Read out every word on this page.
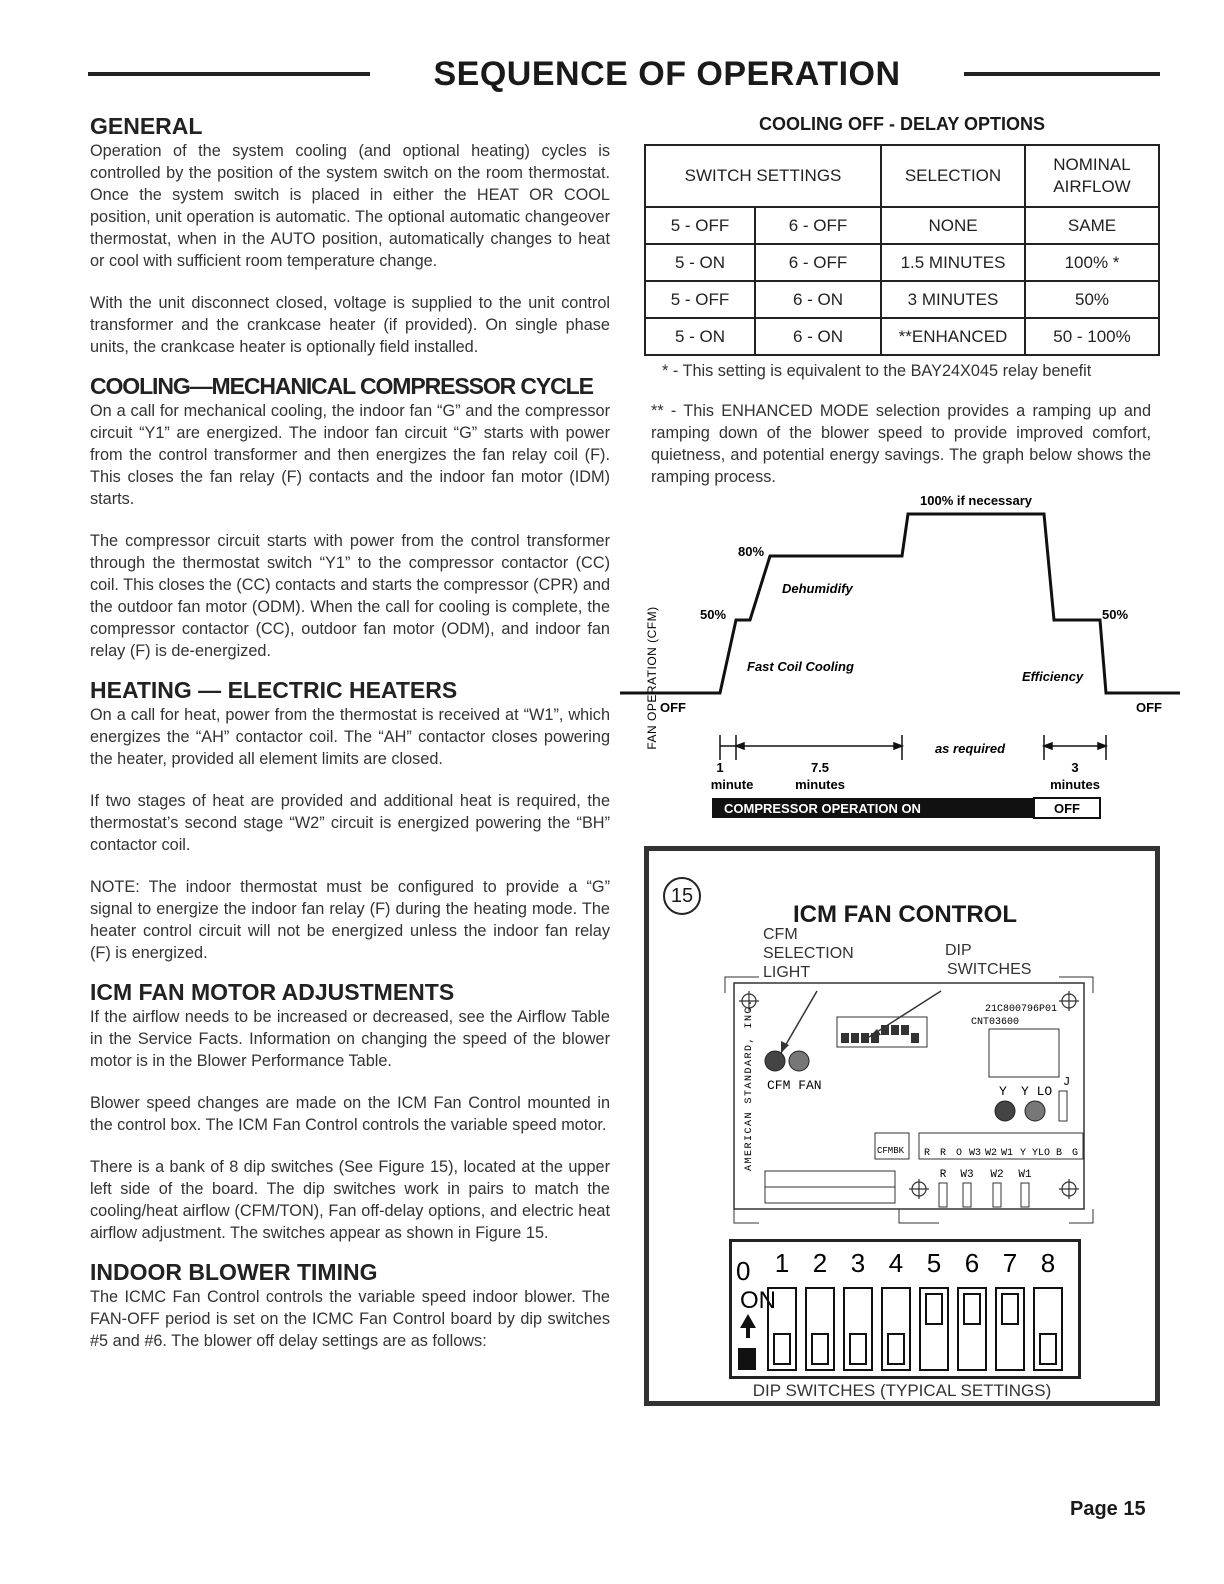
SEQUENCE OF OPERATION
GENERAL

Operation of the system cooling (and optional heating) cycles is controlled by the position of the system switch on the room thermostat. Once the system switch is placed in either the HEAT OR COOL position, unit operation is automatic. The optional automatic changeover thermostat, when in the AUTO position, automatically changes to heat or cool with sufficient room temperature change.

With the unit disconnect closed, voltage is supplied to the unit control transformer and the crankcase heater (if provided). On single phase units, the crankcase heater is optionally field installed.

COOLING—MECHANICAL COMPRESSOR CYCLE

On a call for mechanical cooling, the indoor fan “G” and the compressor circuit “Y1” are energized. The indoor fan circuit “G” starts with power from the control transformer and then energizes the fan relay coil (F). This closes the fan relay (F) contacts and the indoor fan motor (IDM) starts.

The compressor circuit starts with power from the control transformer through the thermostat switch “Y1” to the compressor contactor (CC) coil. This closes the (CC) contacts and starts the compressor (CPR) and the outdoor fan motor (ODM). When the call for cooling is complete, the compressor contactor (CC), outdoor fan motor (ODM), and indoor fan relay (F) is de-energized.

HEATING — ELECTRIC HEATERS

On a call for heat, power from the thermostat is received at “W1”, which energizes the “AH” contactor coil. The “AH” contactor closes powering the heater, provided all element limits are closed.

If two stages of heat are provided and additional heat is required, the thermostat’s second stage “W2” circuit is energized powering the “BH” contactor coil.

NOTE: The indoor thermostat must be configured to provide a “G” signal to energize the indoor fan relay (F) during the heating mode. The heater control circuit will not be energized unless the indoor fan relay (F) is energized.

ICM FAN MOTOR ADJUSTMENTS

If the airflow needs to be increased or decreased, see the Airflow Table in the Service Facts. Information on changing the speed of the blower motor is in the Blower Performance Table.

Blower speed changes are made on the ICM Fan Control mounted in the control box. The ICM Fan Control controls the variable speed motor.

There is a bank of 8 dip switches (See Figure 15), located at the upper left side of the board. The dip switches work in pairs to match the cooling/heat airflow (CFM/TON), Fan off-delay options, and electric heat airflow adjustment. The switches appear as shown in Figure 15.

INDOOR BLOWER TIMING

The ICMC Fan Control controls the variable speed indoor blower. The FAN-OFF period is set on the ICMC Fan Control board by dip switches #5 and #6. The blower off delay settings are as follows:

COOLING OFF - DELAY OPTIONS
SWITCH SETTINGS		SELECTION	NOMINAL AIRFLOW
5 - OFF	6 - OFF	NONE	SAME
5 - ON	6 - OFF	1.5 MINUTES	100% *
5 - OFF	6 - ON	3 MINUTES	50%
5 - ON	6 - ON	**ENHANCED	50 - 100%
* - This setting is equivalent to the BAY24X045 relay benefit
** - This ENHANCED MODE selection provides a ramping up and ramping down of the blower speed to provide improved comfort, quietness, and potential energy savings. The graph below shows the ramping process.
100% if necessary
FAN OPERATION (CFM)
80%
50%	50%
OFF	OFF
Dehumidify
Fast Coil Cooling
Efficiency
1
minute
7.5
minutes
as required
3
minutes
COMPRESSOR OPERATION ON	OFF
15
ICM FAN CONTROL
CFM
SELECTION
LIGHT
DIP
SWITCHES
21C800796P01
CNT03600
AMERICAN STANDARD, INC. CFM FAN	J
Y Y LO
CFMBK R R O W3 W2 W1 Y YLO B G
R W3 W2 W1
0
ON
1 2 3 4 5 6 7 8
DIP SWITCHES (TYPICAL SETTINGS)
Page 15
